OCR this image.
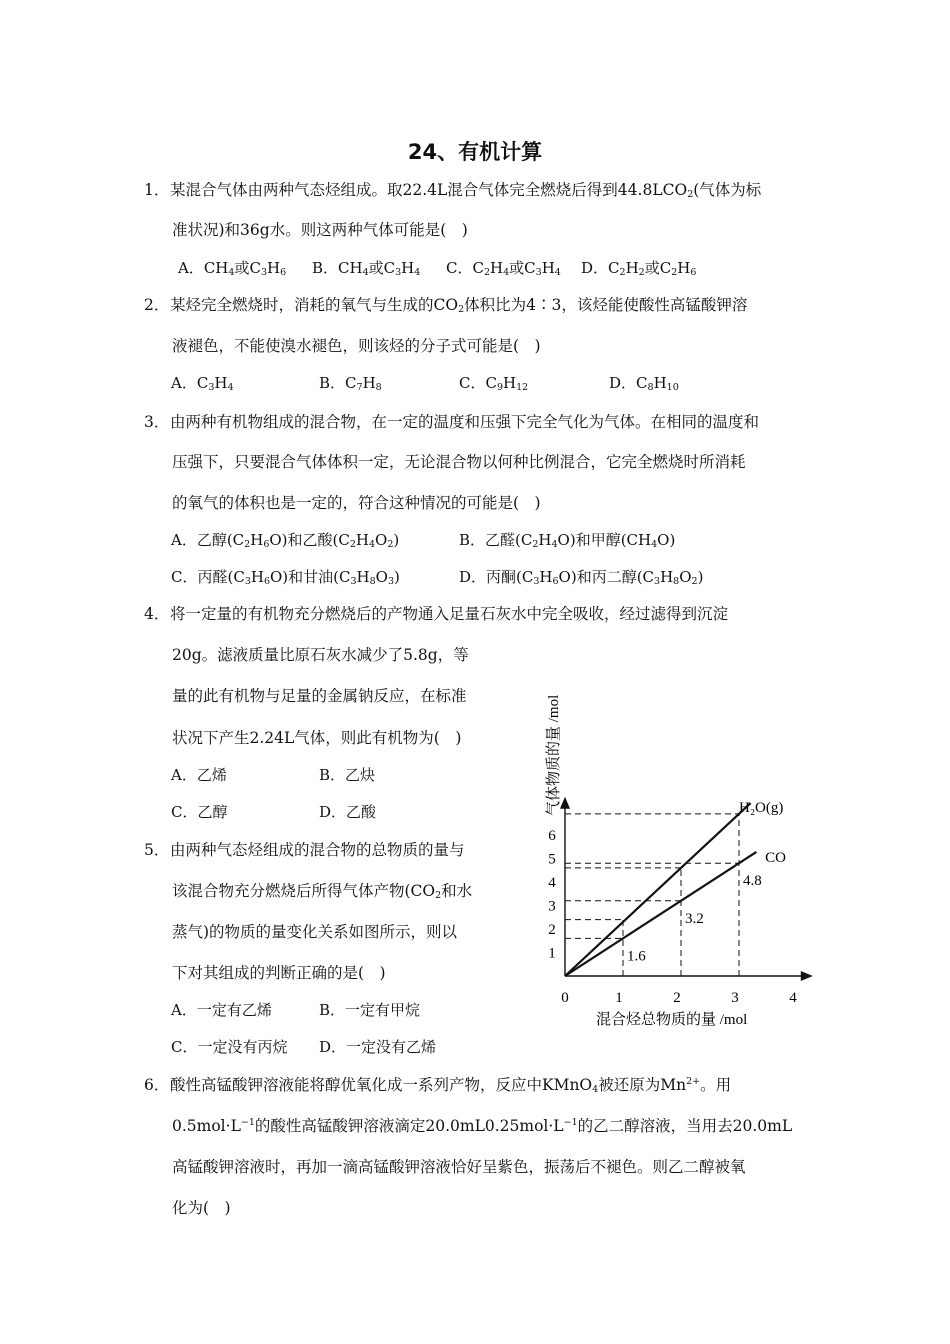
24、有机计算
1． 某混合气体由两种气态烃组成。取22.4L混合气体完全燃烧后得到$44.8LCO_2$(气体为标
准状况)和36g水。则这两种气体可能是(　)
A．$CH_4$或$C_3H_6$ B．$CH_4$或$C_3H_4$ C．$C_2H_4$或$C_3H_4$ D．$C_2H_2$或$C_2H_6$
2． 某烃完全燃烧时，消耗的氧气与生成的$CO_2$体积比为4∶3，该烃能使酸性高锰酸钾溶
液褪色，不能使溴水褪色，则该烃的分子式可能是(　)
A．$C_3H_4$	B．$C_7H_8$	C．$C_9H_{12}$	D．$C_8H_{10}$
3． 由两种有机物组成的混合物，在一定的温度和压强下完全气化为气体。在相同的温度和
压强下，只要混合气体体积一定，无论混合物以何种比例混合，它完全燃烧时所消耗
的氧气的体积也是一定的，符合这种情况的可能是(　)
A．乙醇$(C_2H_6O)$和乙酸$(C_2H_4O_2)$	B．乙醛$(C_2H_4O)$和甲醇$(CH_4O)$
C．丙醛$(C_3H_6O)$和甘油$(C_3H_8O_3)$	D．丙酮$(C_3H_6O)$和丙二醇$(C_3H_8O_2)$
4． 将一定量的有机物充分燃烧后的产物通入足量石灰水中完全吸收，经过滤得到沉淀
20g。滤液质量比原石灰水减少了5.8g，等
量的此有机物与足量的金属钠反应，在标准
状况下产生2.24L气体，则此有机物为(　)
A．乙烯	B．乙炔
C．乙醇	D．乙酸
5． 由两种气态烃组成的混合物的总物质的量与
该混合物充分燃烧后所得气体产物($CO_2$和水
蒸气)的物质的量变化关系如图所示，则以
下对其组成的判断正确的是(　)
A．一定有乙烯	B．一定有甲烷
C．一定没有丙烷 D．一定没有乙烯
0	1	2	3	4
1
2
3
4
5
6
H₂O(g)
CO
1.6
3.2
4.8
气体物质的量 /mol
混合烃总物质的量 /mol
6． 酸性高锰酸钾溶液能将醇优氧化成一系列产物，反应中KMnO$_4$被还原为$Mn^{2+}$。用
$0.5mol\cdot L^{-1}$的酸性高锰酸钾溶液滴定$20.0mL0.25mol\cdot L^{-1}$的乙二醇溶液，当用去20.0mL
高锰酸钾溶液时，再加一滴高锰酸钾溶液恰好呈紫色，振荡后不褪色。则乙二醇被氧
化为(　)
